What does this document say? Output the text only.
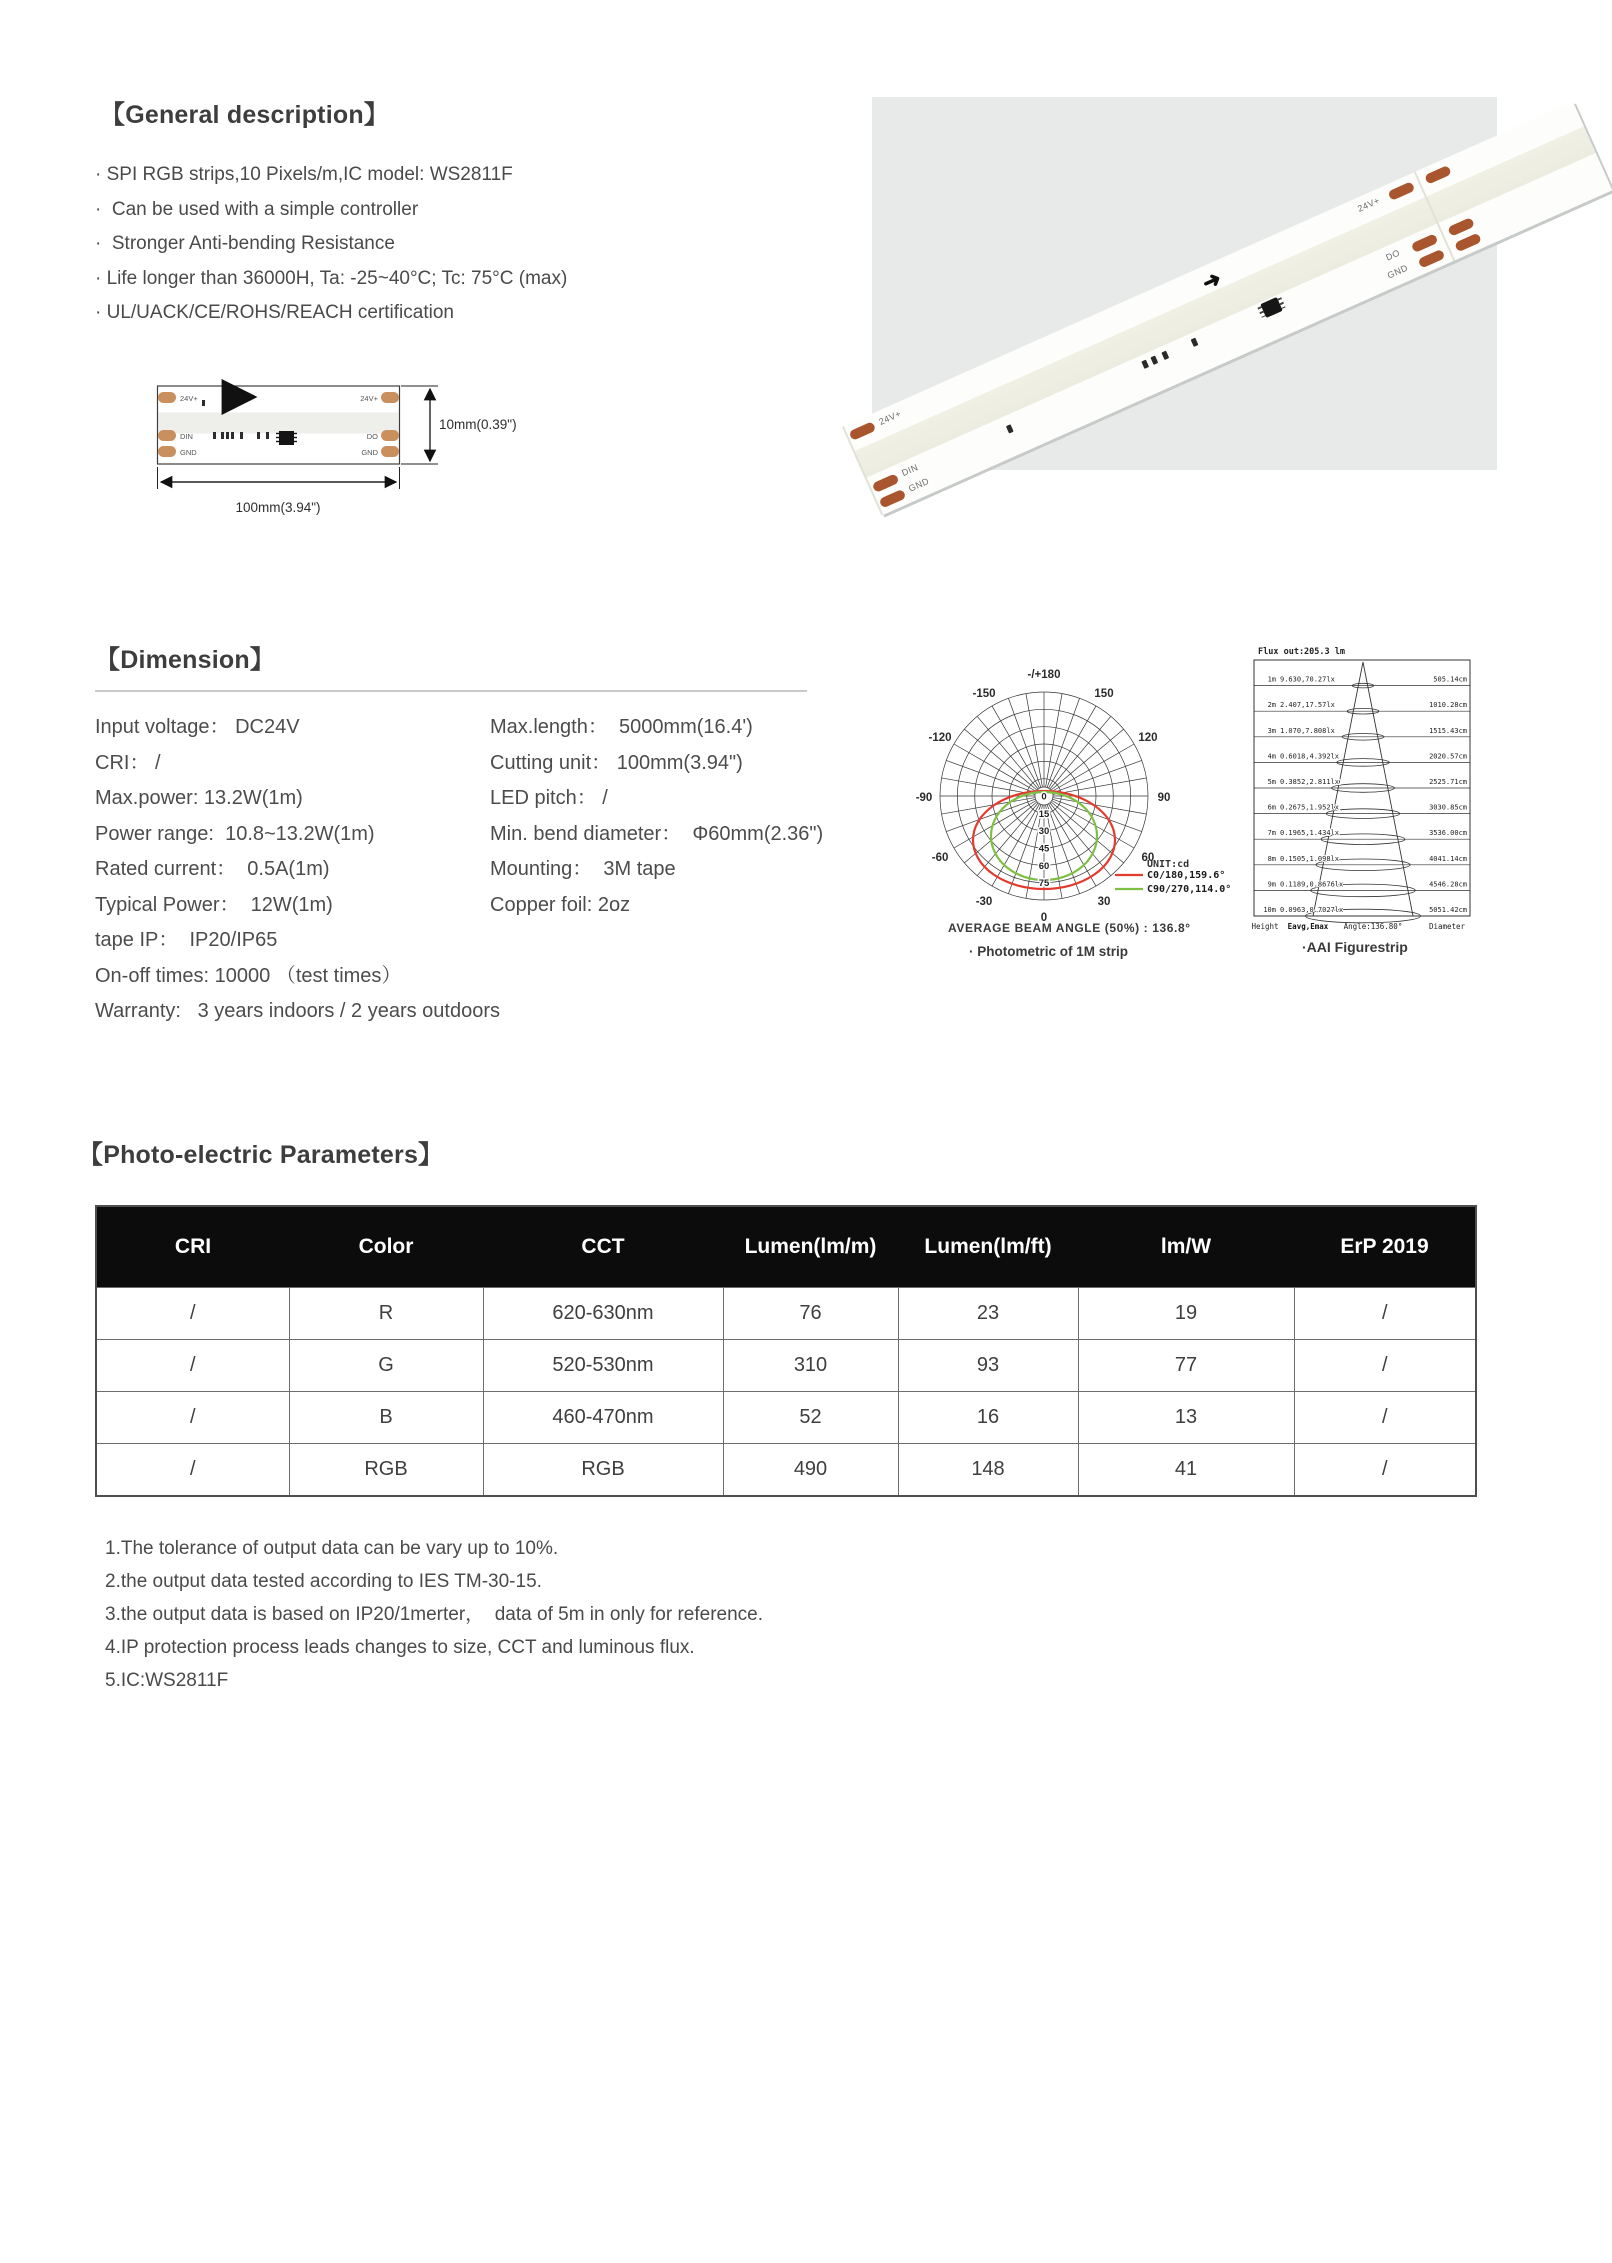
【General description】
· SPI RGB strips,10 Pixels/m,IC model: WS2811F
·  Can be used with a simple controller
·  Stronger Anti-bending Resistance
· Life longer than 36000H, Ta: -25~40°C; Tc: 75°C (max)
· UL/UACK/CE/ROHS/REACH certification
24V+
DIN
GND
➜
24V+
DO
GND
24V+
DIN
GND
24V+
DO
GND
10mm(0.39")
100mm(3.94")
【Dimension】
Input voltage： DC24V
CRI： /
Max.power: 13.2W(1m)
Power range:  10.8~13.2W(1m)
Rated current：  0.5A(1m)
Typical Power：  12W(1m)
tape IP：  IP20/IP65
On-off times: 10000 （test times）
Warranty:   3 years indoors / 2 years outdoors
Max.length：  5000mm(16.4')
Cutting unit： 100mm(3.94")
LED pitch： /
Min. bend diameter：  Φ60mm(2.36")
Mounting：  3M tape
Copper foil: 2oz
-/+180
150
120
90
60
30
0
-30
-60
-90
-120
-150
0
15
30
45
60
75
UNIT:cd
C0/180,159.6°
C90/270,114.0°
AVERAGE BEAM ANGLE (50%) : 136.8°
· Photometric of 1M strip
Flux out:205.3 lm
1m 9.630,70.27lx	505.14cm
2m 2.407,17.57lx	1010.28cm
3m 1.070,7.808lx	1515.43cm
4m 0.6018,4.392lx	2020.57cm
5m 0.3852,2.811lx	2525.71cm
6m 0.2675,1.952lx	3030.85cm
7m 0.1965,1.434lx	3536.00cm
8m 0.1505,1.098lx	4041.14cm
9m 0.1189,0.8676lx	4546.28cm
10m 0.0963,0.7027lx	5051.42cm
Height Eavg,Emax Angle:136.80°	Diameter
·AAI Figurestrip
【Photo-electric Parameters】
CRI	Color	CCT	Lumen(lm/m)	Lumen(lm/ft)	lm/W	ErP 2019
/	R	620-630nm	76	23	19	/
/	G	520-530nm	310	93	77	/
/	B	460-470nm	52	16	13	/
/	RGB	RGB	490	148	41	/
1.The tolerance of output data can be vary up to 10%.
2.the output data tested according to IES TM-30-15.
3.the output data is based on IP20/1merter，  data of 5m in only for reference.
4.IP protection process leads changes to size, CCT and luminous flux.
5.IC:WS2811F
